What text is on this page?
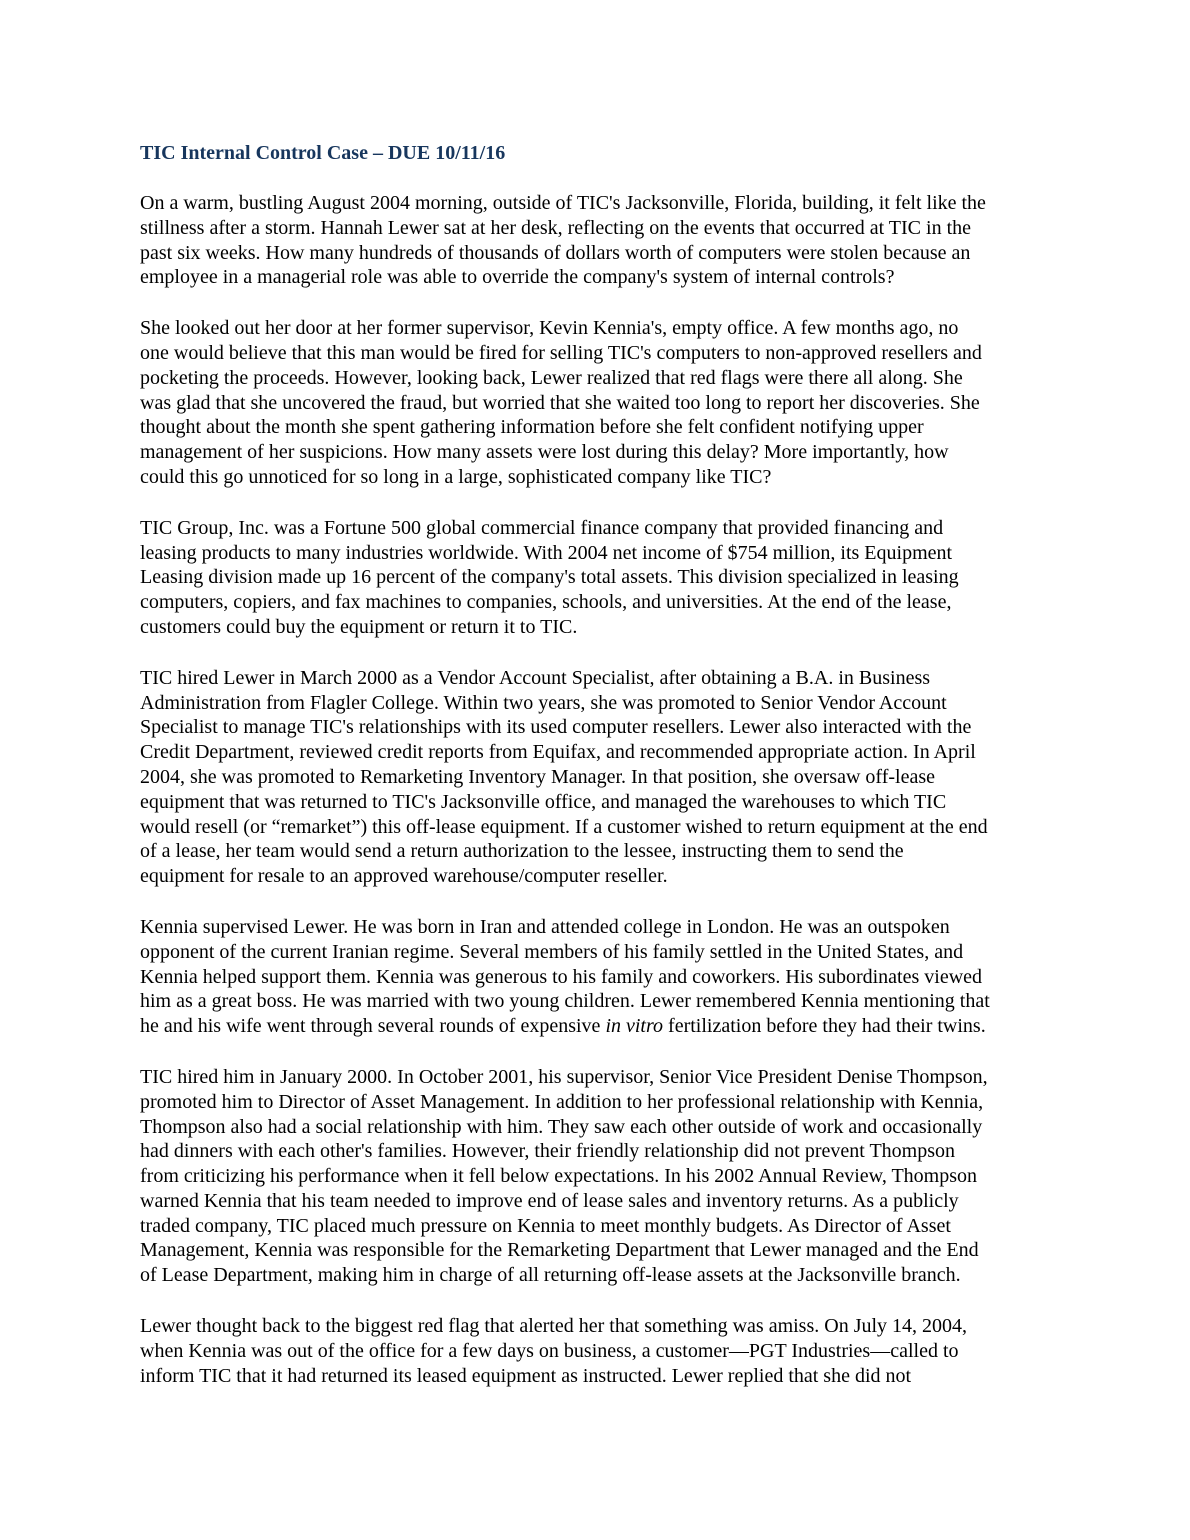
TIC Internal Control Case – DUE 10/11/16
On a warm, bustling August 2004 morning, outside of TIC's Jacksonville, Florida, building, it felt like the
stillness after a storm. Hannah Lewer sat at her desk, reflecting on the events that occurred at TIC in the
past six weeks. How many hundreds of thousands of dollars worth of computers were stolen because an
employee in a managerial role was able to override the company's system of internal controls?
She looked out her door at her former supervisor, Kevin Kennia's, empty office. A few months ago, no
one would believe that this man would be fired for selling TIC's computers to non-approved resellers and
pocketing the proceeds. However, looking back, Lewer realized that red flags were there all along. She
was glad that she uncovered the fraud, but worried that she waited too long to report her discoveries. She
thought about the month she spent gathering information before she felt confident notifying upper
management of her suspicions. How many assets were lost during this delay? More importantly, how
could this go unnoticed for so long in a large, sophisticated company like TIC?
TIC Group, Inc. was a Fortune 500 global commercial finance company that provided financing and
leasing products to many industries worldwide. With 2004 net income of $754 million, its Equipment
Leasing division made up 16 percent of the company's total assets. This division specialized in leasing
computers, copiers, and fax machines to companies, schools, and universities. At the end of the lease,
customers could buy the equipment or return it to TIC.
TIC hired Lewer in March 2000 as a Vendor Account Specialist, after obtaining a B.A. in Business
Administration from Flagler College. Within two years, she was promoted to Senior Vendor Account
Specialist to manage TIC's relationships with its used computer resellers. Lewer also interacted with the
Credit Department, reviewed credit reports from Equifax, and recommended appropriate action. In April
2004, she was promoted to Remarketing Inventory Manager. In that position, she oversaw off-lease
equipment that was returned to TIC's Jacksonville office, and managed the warehouses to which TIC
would resell (or “remarket”) this off-lease equipment. If a customer wished to return equipment at the end
of a lease, her team would send a return authorization to the lessee, instructing them to send the
equipment for resale to an approved warehouse/computer reseller.
Kennia supervised Lewer. He was born in Iran and attended college in London. He was an outspoken
opponent of the current Iranian regime. Several members of his family settled in the United States, and
Kennia helped support them. Kennia was generous to his family and coworkers. His subordinates viewed
him as a great boss. He was married with two young children. Lewer remembered Kennia mentioning that
he and his wife went through several rounds of expensive in vitro fertilization before they had their twins.
TIC hired him in January 2000. In October 2001, his supervisor, Senior Vice President Denise Thompson,
promoted him to Director of Asset Management. In addition to her professional relationship with Kennia,
Thompson also had a social relationship with him. They saw each other outside of work and occasionally
had dinners with each other's families. However, their friendly relationship did not prevent Thompson
from criticizing his performance when it fell below expectations. In his 2002 Annual Review, Thompson
warned Kennia that his team needed to improve end of lease sales and inventory returns. As a publicly
traded company, TIC placed much pressure on Kennia to meet monthly budgets. As Director of Asset
Management, Kennia was responsible for the Remarketing Department that Lewer managed and the End
of Lease Department, making him in charge of all returning off-lease assets at the Jacksonville branch.
Lewer thought back to the biggest red flag that alerted her that something was amiss. On July 14, 2004,
when Kennia was out of the office for a few days on business, a customer—PGT Industries—called to
inform TIC that it had returned its leased equipment as instructed. Lewer replied that she did not
